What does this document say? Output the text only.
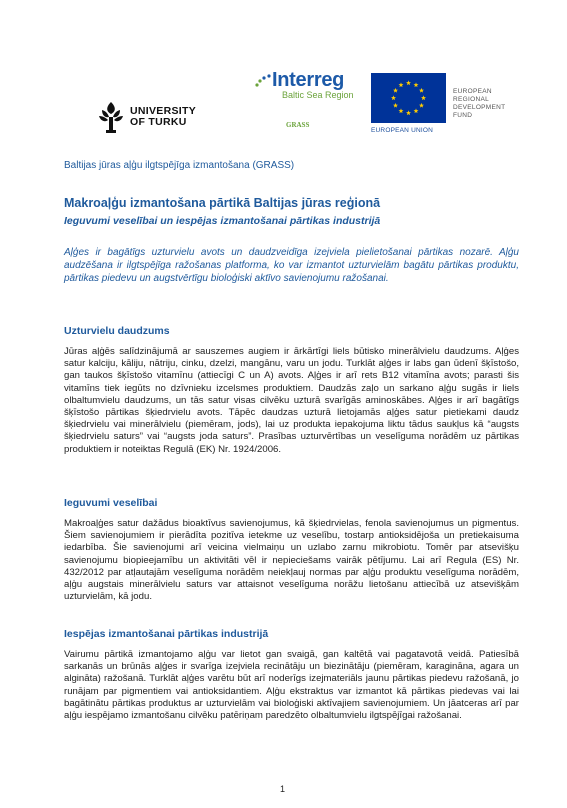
UNIVERSITY
OF TURKU
Interreg
Baltic Sea Region
GRASS
EUROPEAN UNION
EUROPEAN
REGIONAL
DEVELOPMENT
FUND
Baltijas jūras aļģu ilgtspējīga izmantošana (GRASS)
Makroaļģu izmantošana pārtikā Baltijas jūras reģionā
Ieguvumi veselībai un iespējas izmantošanai pārtikas industrijā
Aļģes ir bagātīgs uzturvielu avots un daudzveidīga izejviela pielietošanai pārtikas nozarē. Aļģu audzēšana ir ilgtspējīga ražošanas platforma, ko var izmantot uzturvielām bagātu pārtikas produktu, pārtikas piedevu un augstvērtīgu bioloģiski aktīvo savienojumu ražošanai.
Uzturvielu daudzums
Jūras aļģēs salīdzinājumā ar sauszemes augiem ir ārkārtīgi liels būtisko minerālvielu daudzums. Aļģes satur kalciju, kāliju, nātriju, cinku, dzelzi, mangānu, varu un jodu. Turklāt aļģes ir labs gan ūdenī šķīstošo, gan taukos šķīstošo vitamīnu (attiecīgi C un A) avots. Aļģes ir arī rets B12 vitamīna avots; parasti šis vitamīns tiek iegūts no dzīvnieku izcelsmes produktiem. Daudzās zaļo un sarkano aļģu sugās ir liels olbaltumvielu daudzums, un tās satur visas cilvēku uzturā svarīgās aminoskābes. Aļģes ir arī bagātīgs šķīstošo pārtikas šķiedrvielu avots. Tāpēc daudzas uzturā lietojamās aļģes satur pietiekami daudz šķiedrvielu vai minerālvielu (piemēram, jods), lai uz produkta iepakojuma liktu tādus saukļus kā “augsts šķiedrvielu saturs” vai “augsts joda saturs”. Prasības uzturvērtības un veselīguma norādēm uz pārtikas produktiem ir noteiktas Regulā (EK) Nr. 1924/2006.
Ieguvumi veselībai
Makroaļģes satur dažādus bioaktīvus savienojumus, kā šķiedrvielas, fenola savienojumus un pigmentus. Šiem savienojumiem ir pierādīta pozitīva ietekme uz veselību, tostarp antioksidējoša un pretiekaisuma iedarbība. Šie savienojumi arī veicina vielmaiņu un uzlabo zarnu mikrobiotu. Tomēr par atsevišķu savienojumu biopieejamību un aktivitāti vēl ir nepieciešams vairāk pētījumu. Lai arī Regula (ES) Nr. 432/2012 par atļautajām veselīguma norādēm neiekļauj normas par aļģu produktu veselīguma norādēm, aļģu augstais minerālvielu saturs var attaisnot veselīguma norāžu lietošanu attiecībā uz atsevišķām uzturvielām, kā jodu.
Iespējas izmantošanai pārtikas industrijā
Vairumu pārtikā izmantojamo aļģu var lietot gan svaigā, gan kaltētā vai pagatavotā veidā. Patiesībā sarkanās un brūnās aļģes ir svarīga izejviela recinātāju un biezinātāju (piemēram, karagināna, agara un algināta) ražošanā. Turklāt aļģes varētu būt arī noderīgs izejmateriāls jaunu pārtikas piedevu ražošanā, jo runājam par pigmentiem vai antioksidantiem. Aļģu ekstraktus var izmantot kā pārtikas piedevas vai lai bagātinātu pārtikas produktus ar uzturvielām vai bioloģiski aktīvajiem savienojumiem. Un jāatceras arī par aļģu iespējamo izmantošanu cilvēku patēriņam paredzēto olbaltumvielu ilgtspējīgai ražošanai.
1
